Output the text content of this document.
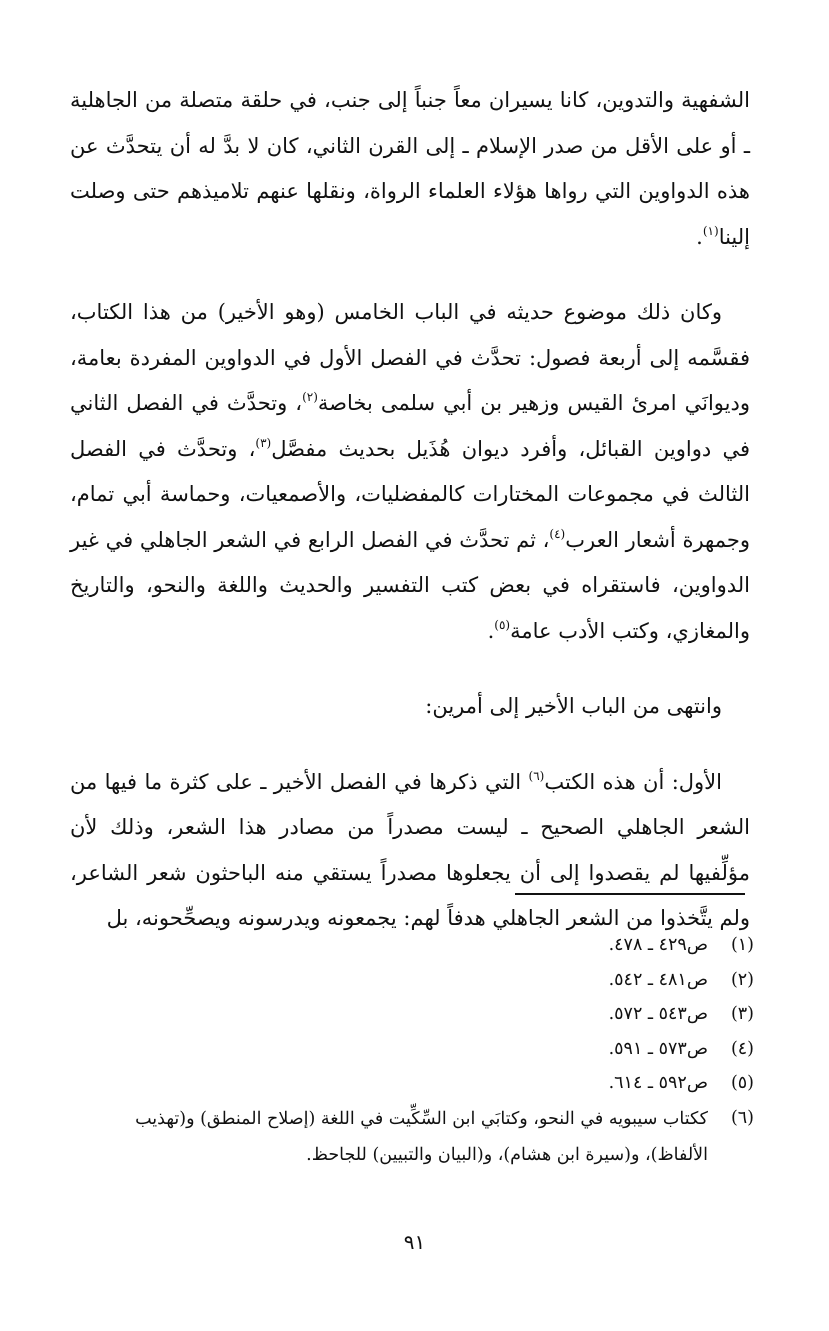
الشفهية والتدوين، كانا يسيران معاً جنباً إلى جنب، في حلقة متصلة من الجاهلية ـ أو على الأقل من صدر الإسلام ـ إلى القرن الثاني، كان لا بدَّ له أن يتحدَّث عن هذه الدواوين التي رواها هؤلاء العلماء الرواة، ونقلها عنهم تلاميذهم حتى وصلت إلينا$^{(١)}$.

وكان ذلك موضوع حديثه في الباب الخامس (وهو الأخير) من هذا الكتاب، فقسَّمه إلى أربعة فصول: تحدَّث في الفصل الأول في الدواوين المفردة بعامة، وديوانَي امرئ القيس وزهير بن أبي سلمى بخاصة$^{(٢)}$، وتحدَّث في الفصل الثاني في دواوين القبائل، وأفرد ديوان هُذَيل بحديث مفصَّل$^{(٣)}$، وتحدَّث في الفصل الثالث في مجموعات المختارات كالمفضليات، والأصمعيات، وحماسة أبي تمام، وجمهرة أشعار العرب$^{(٤)}$، ثم تحدَّث في الفصل الرابع في الشعر الجاهلي في غير الدواوين، فاستقراه في بعض كتب التفسير والحديث واللغة والنحو، والتاريخ والمغازي، وكتب الأدب عامة$^{(٥)}$.

وانتهى من الباب الأخير إلى أمرين:

الأول: أن هذه الكتب$^{(٦)}$ التي ذكرها في الفصل الأخير ـ على كثرة ما فيها من الشعر الجاهلي الصحيح ـ ليست مصدراً من مصادر هذا الشعر، وذلك لأن مؤلِّفيها لم يقصدوا إلى أن يجعلوها مصدراً يستقي منه الباحثون شعر الشاعر، ولم يتَّخذوا من الشعر الجاهلي هدفاً لهم: يجمعونه ويدرسونه ويصحِّحونه، بل

(١)
ص٤٢٩ ـ ٤٧٨.
(٢)
ص٤٨١ ـ ٥٤٢.
(٣)
ص٥٤٣ ـ ٥٧٢.
(٤)
ص٥٧٣ ـ ٥٩١.
(٥)
ص٥٩٢ ـ ٦١٤.
(٦)
ككتاب سيبويه في النحو، وكتابَي ابن السِّكِّيت في اللغة (إصلاح المنطق) و(تهذيب الألفاظ)، و(سيرة ابن هشام)، و(البيان والتبيين) للجاحظ.
٩١
